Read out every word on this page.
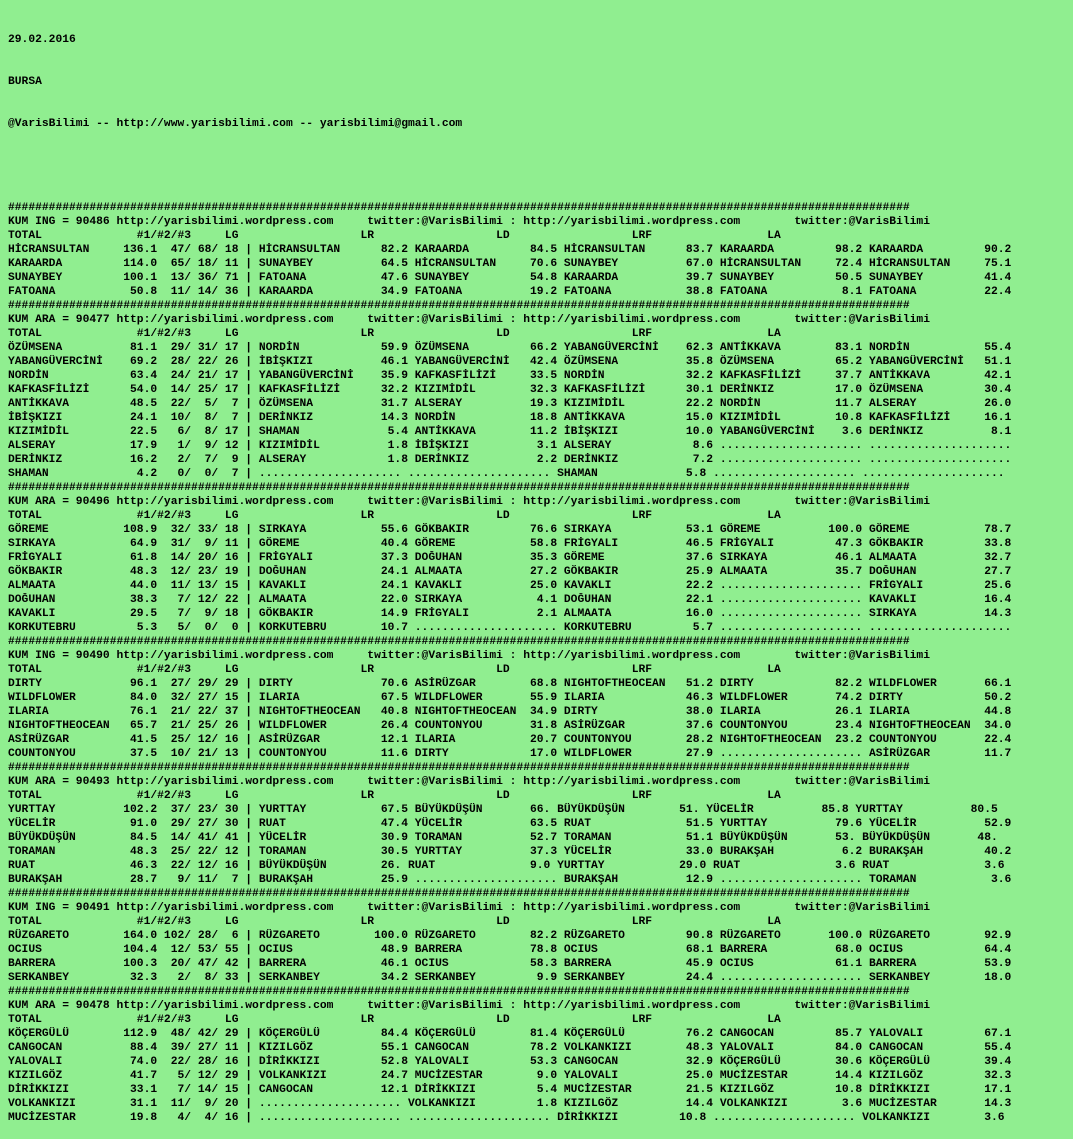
29.02.2016

BURSA

@VarisBilimi -- http://www.yarisbilimi.com -- yarisbilimi@gmail.com

#####################################################################################################################################
KUM ING = 90486 http://yarisbilimi.wordpress.com     twitter:@VarisBilimi : http://yarisbilimi.wordpress.com        twitter:@VarisBilimi
TOTAL              #1/#2/#3     LG                  LR                  LD                  LRF                 LA
HİCRANSULTAN     136.1  47/ 68/ 18 | HİCRANSULTAN      82.2 KARAARDA         84.5 HİCRANSULTAN      83.7 KARAARDA         98.2 KARAARDA         90.2
KARAARDA         114.0  65/ 18/ 11 | SUNAYBEY          64.5 HİCRANSULTAN     70.6 SUNAYBEY          67.0 HİCRANSULTAN     72.4 HİCRANSULTAN     75.1
SUNAYBEY         100.1  13/ 36/ 71 | FATOANA           47.6 SUNAYBEY         54.8 KARAARDA          39.7 SUNAYBEY         50.5 SUNAYBEY         41.4
FATOANA           50.8  11/ 14/ 36 | KARAARDA          34.9 FATOANA          19.2 FATOANA           38.8 FATOANA           8.1 FATOANA          22.4
#####################################################################################################################################
KUM ARA = 90477 http://yarisbilimi.wordpress.com     twitter:@VarisBilimi : http://yarisbilimi.wordpress.com        twitter:@VarisBilimi
TOTAL              #1/#2/#3     LG                  LR                  LD                  LRF                 LA
ÖZÜMSENA          81.1  29/ 31/ 17 | NORDİN            59.9 ÖZÜMSENA         66.2 YABANGÜVERCİNİ    62.3 ANTİKKAVA        83.1 NORDİN           55.4
YABANGÜVERCİNİ    69.2  28/ 22/ 26 | İBİŞKIZI          46.1 YABANGÜVERCİNİ   42.4 ÖZÜMSENA          35.8 ÖZÜMSENA         65.2 YABANGÜVERCİNİ   51.1
NORDİN            63.4  24/ 21/ 17 | YABANGÜVERCİNİ    35.9 KAFKASFİLİZİ     33.5 NORDİN            32.2 KAFKASFİLİZİ     37.7 ANTİKKAVA        42.1
KAFKASFİLİZİ      54.0  14/ 25/ 17 | KAFKASFİLİZİ      32.2 KIZIMİDİL        32.3 KAFKASFİLİZİ      30.1 DERİNKIZ         17.0 ÖZÜMSENA         30.4
ANTİKKAVA         48.5  22/  5/  7 | ÖZÜMSENA          31.7 ALSERAY          19.3 KIZIMİDİL         22.2 NORDİN           11.7 ALSERAY          26.0
İBİŞKIZI          24.1  10/  8/  7 | DERİNKIZ          14.3 NORDİN           18.8 ANTİKKAVA         15.0 KIZIMİDİL        10.8 KAFKASFİLİZİ     16.1
KIZIMİDİL         22.5   6/  8/ 17 | SHAMAN             5.4 ANTİKKAVA        11.2 İBİŞKIZI          10.0 YABANGÜVERCİNİ    3.6 DERİNKIZ          8.1
ALSERAY           17.9   1/  9/ 12 | KIZIMİDİL          1.8 İBİŞKIZI          3.1 ALSERAY            8.6 ..................... .....................
DERİNKIZ          16.2   2/  7/  9 | ALSERAY            1.8 DERİNKIZ          2.2 DERİNKIZ           7.2 ..................... .....................
SHAMAN             4.2   0/  0/  7 | ..................... ..................... SHAMAN             5.8 ..................... .....................
#####################################################################################################################################
KUM ARA = 90496 http://yarisbilimi.wordpress.com     twitter:@VarisBilimi : http://yarisbilimi.wordpress.com        twitter:@VarisBilimi
TOTAL              #1/#2/#3     LG                  LR                  LD                  LRF                 LA
GÖREME           108.9  32/ 33/ 18 | SIRKAYA           55.6 GÖKBAKIR         76.6 SIRKAYA           53.1 GÖREME          100.0 GÖREME           78.7
SIRKAYA           64.9  31/  9/ 11 | GÖREME            40.4 GÖREME           58.8 FRİGYALI          46.5 FRİGYALI         47.3 GÖKBAKIR         33.8
FRİGYALI          61.8  14/ 20/ 16 | FRİGYALI          37.3 DOĞUHAN          35.3 GÖREME            37.6 SIRKAYA          46.1 ALMAATA          32.7
GÖKBAKIR          48.3  12/ 23/ 19 | DOĞUHAN           24.1 ALMAATA          27.2 GÖKBAKIR          25.9 ALMAATA          35.7 DOĞUHAN          27.7
ALMAATA           44.0  11/ 13/ 15 | KAVAKLI           24.1 KAVAKLI          25.0 KAVAKLI           22.2 ..................... FRİGYALI         25.6
DOĞUHAN           38.3   7/ 12/ 22 | ALMAATA           22.0 SIRKAYA           4.1 DOĞUHAN           22.1 ..................... KAVAKLI          16.4
KAVAKLI           29.5   7/  9/ 18 | GÖKBAKIR          14.9 FRİGYALI          2.1 ALMAATA           16.0 ..................... SIRKAYA          14.3
KORKUTEBRU         5.3   5/  0/  0 | KORKUTEBRU        10.7 ..................... KORKUTEBRU         5.7 ..................... .....................
#####################################################################################################################################
KUM ING = 90490 http://yarisbilimi.wordpress.com     twitter:@VarisBilimi : http://yarisbilimi.wordpress.com        twitter:@VarisBilimi
TOTAL              #1/#2/#3     LG                  LR                  LD                  LRF                 LA
DIRTY             96.1  27/ 29/ 29 | DIRTY             70.6 ASİRÜZGAR        68.8 NIGHTOFTHEOCEAN   51.2 DIRTY            82.2 WILDFLOWER       66.1
WILDFLOWER        84.0  32/ 27/ 15 | ILARIA            67.5 WILDFLOWER       55.9 ILARIA            46.3 WILDFLOWER       74.2 DIRTY            50.2
ILARIA            76.1  21/ 22/ 37 | NIGHTOFTHEOCEAN   40.8 NIGHTOFTHEOCEAN  34.9 DIRTY             38.0 ILARIA           26.1 ILARIA           44.8
NIGHTOFTHEOCEAN   65.7  21/ 25/ 26 | WILDFLOWER        26.4 COUNTONYOU       31.8 ASİRÜZGAR         37.6 COUNTONYOU       23.4 NIGHTOFTHEOCEAN  34.0
ASİRÜZGAR         41.5  25/ 12/ 16 | ASİRÜZGAR         12.1 ILARIA           20.7 COUNTONYOU        28.2 NIGHTOFTHEOCEAN  23.2 COUNTONYOU       22.4
COUNTONYOU        37.5  10/ 21/ 13 | COUNTONYOU        11.6 DIRTY            17.0 WILDFLOWER        27.9 ..................... ASİRÜZGAR        11.7
#####################################################################################################################################
KUM ARA = 90493 http://yarisbilimi.wordpress.com     twitter:@VarisBilimi : http://yarisbilimi.wordpress.com        twitter:@VarisBilimi
TOTAL              #1/#2/#3     LG                  LR                  LD                  LRF                 LA
YURTTAY          102.2  37/ 23/ 30 | YURTTAY           67.5 BÜYÜKDÜŞÜN       66. BÜYÜKDÜŞÜN        51. YÜCELİR          85.8 YURTTAY          80.5
YÜCELİR           91.0  29/ 27/ 30 | RUAT              47.4 YÜCELİR          63.5 RUAT              51.5 YURTTAY          79.6 YÜCELİR          52.9
BÜYÜKDÜŞÜN        84.5  14/ 41/ 41 | YÜCELİR           30.9 TORAMAN          52.7 TORAMAN           51.1 BÜYÜKDÜŞÜN       53. BÜYÜKDÜŞÜN       48.
TORAMAN           48.3  25/ 22/ 12 | TORAMAN           30.5 YURTTAY          37.3 YÜCELİR           33.0 BURAKŞAH          6.2 BURAKŞAH         40.2
RUAT              46.3  22/ 12/ 16 | BÜYÜKDÜŞÜN        26. RUAT              9.0 YURTTAY           29.0 RUAT              3.6 RUAT              3.6
BURAKŞAH          28.7   9/ 11/  7 | BURAKŞAH          25.9 ..................... BURAKŞAH          12.9 ..................... TORAMAN           3.6
#####################################################################################################################################
KUM ING = 90491 http://yarisbilimi.wordpress.com     twitter:@VarisBilimi : http://yarisbilimi.wordpress.com        twitter:@VarisBilimi
TOTAL              #1/#2/#3     LG                  LR                  LD                  LRF                 LA
RÜZGARETO        164.0 102/ 28/  6 | RÜZGARETO        100.0 RÜZGARETO        82.2 RÜZGARETO         90.8 RÜZGARETO       100.0 RÜZGARETO        92.9
OCIUS            104.4  12/ 53/ 55 | OCIUS             48.9 BARRERA          78.8 OCIUS             68.1 BARRERA          68.0 OCIUS            64.4
BARRERA          100.3  20/ 47/ 42 | BARRERA           46.1 OCIUS            58.3 BARRERA           45.9 OCIUS            61.1 BARRERA          53.9
SERKANBEY         32.3   2/  8/ 33 | SERKANBEY         34.2 SERKANBEY         9.9 SERKANBEY         24.4 ..................... SERKANBEY        18.0
#####################################################################################################################################
KUM ARA = 90478 http://yarisbilimi.wordpress.com     twitter:@VarisBilimi : http://yarisbilimi.wordpress.com        twitter:@VarisBilimi
TOTAL              #1/#2/#3     LG                  LR                  LD                  LRF                 LA
KÖÇERGÜLÜ        112.9  48/ 42/ 29 | KÖÇERGÜLÜ         84.4 KÖÇERGÜLÜ        81.4 KÖÇERGÜLÜ         76.2 CANGOCAN         85.7 YALOVALI         67.1
CANGOCAN          88.4  39/ 27/ 11 | KIZILGÖZ          55.1 CANGOCAN         78.2 VOLKANKIZI        48.3 YALOVALI         84.0 CANGOCAN         55.4
YALOVALI          74.0  22/ 28/ 16 | DİRİKKIZI         52.8 YALOVALI         53.3 CANGOCAN          32.9 KÖÇERGÜLÜ        30.6 KÖÇERGÜLÜ        39.4
KIZILGÖZ          41.7   5/ 12/ 29 | VOLKANKIZI        24.7 MUCİZESTAR        9.0 YALOVALI          25.0 MUCİZESTAR       14.4 KIZILGÖZ         32.3
DİRİKKIZI         33.1   7/ 14/ 15 | CANGOCAN          12.1 DİRİKKIZI         5.4 MUCİZESTAR        21.5 KIZILGÖZ         10.8 DİRİKKIZI        17.1
VOLKANKIZI        31.1  11/  9/ 20 | ..................... VOLKANKIZI         1.8 KIZILGÖZ          14.4 VOLKANKIZI        3.6 MUCİZESTAR       14.3
MUCİZESTAR        19.8   4/  4/ 16 | ..................... ..................... DİRİKKIZI         10.8 ..................... VOLKANKIZI        3.6
